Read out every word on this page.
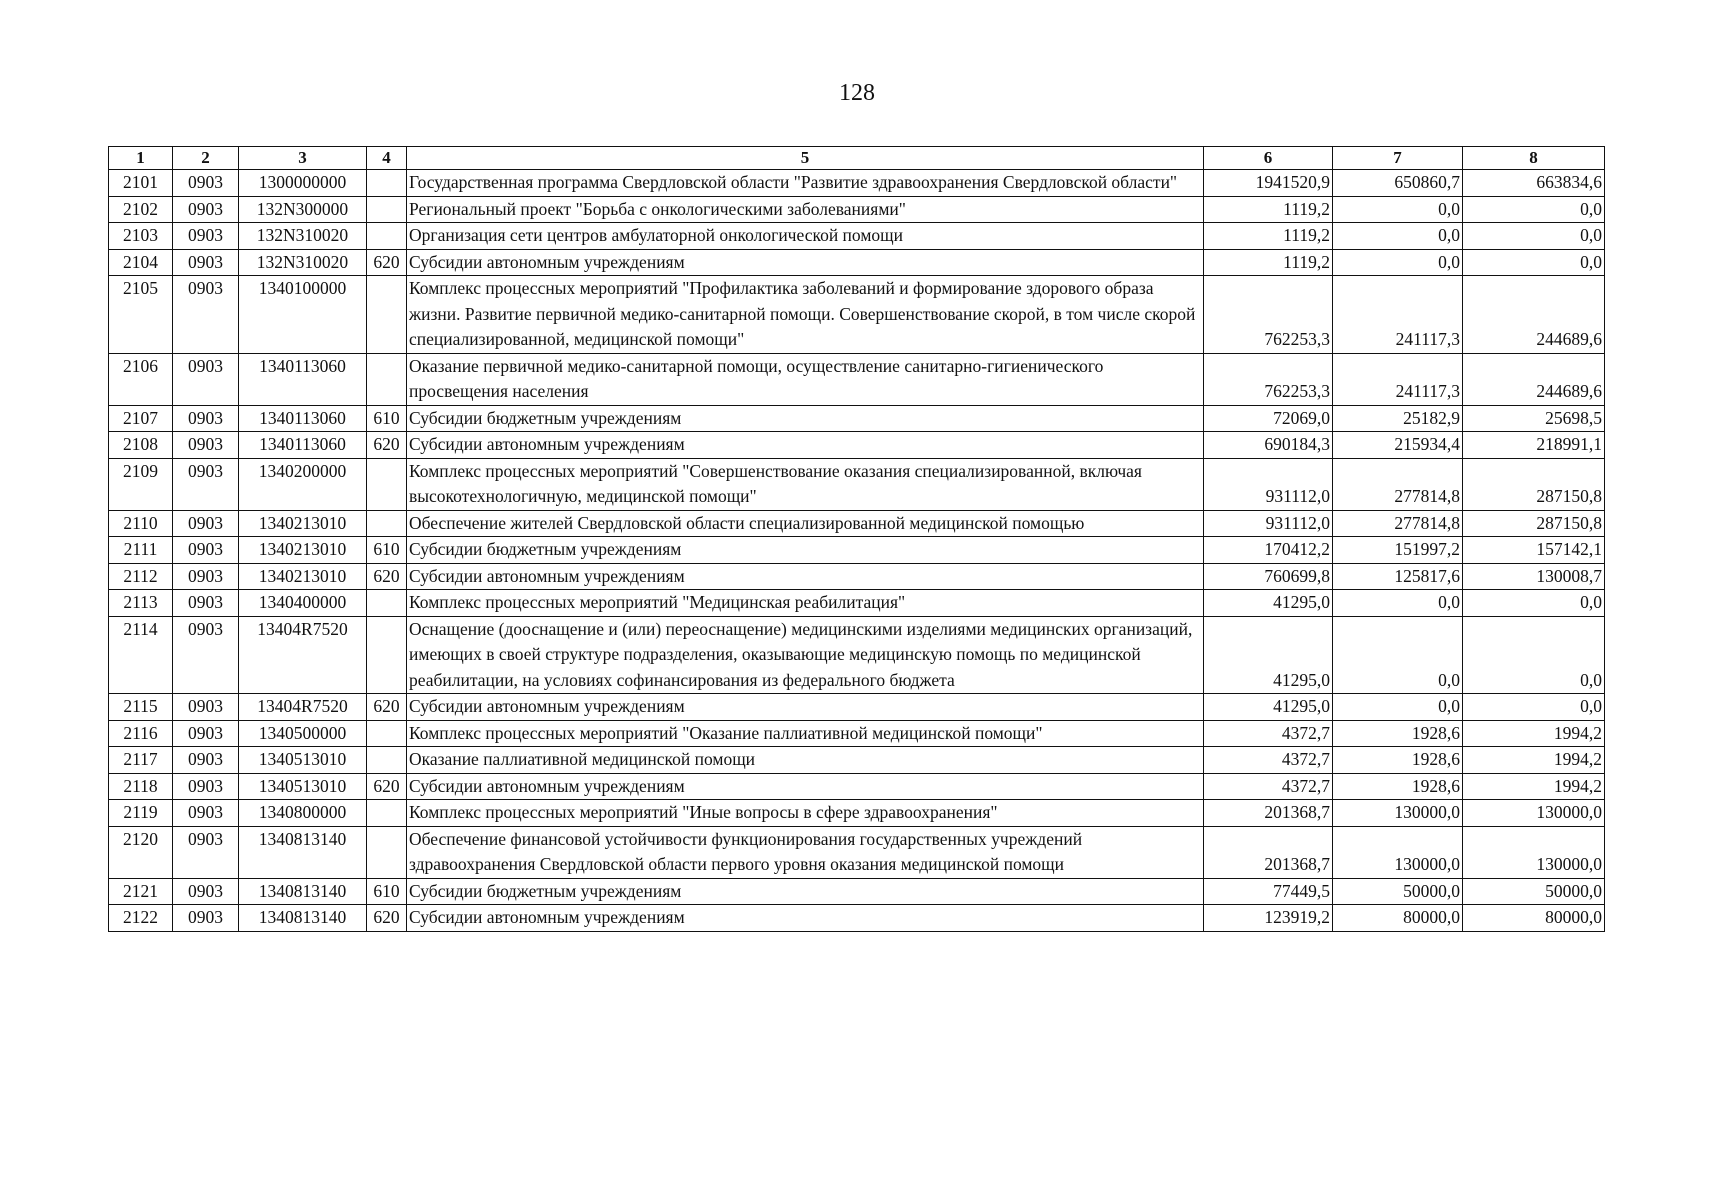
128
1	2	3	4	5	6	7	8
2101	0903	1300000000		Государственная программа Свердловской области "Развитие здравоохранения Свердловской области"	1941520,9	650860,7	663834,6
2102	0903	132N300000		Региональный проект "Борьба с онкологическими заболеваниями"	1119,2	0,0	0,0
2103	0903	132N310020		Организация сети центров амбулаторной онкологической помощи	1119,2	0,0	0,0
2104	0903	132N310020	620	Субсидии автономным учреждениям	1119,2	0,0	0,0
2105	0903	1340100000		Комплекс процессных мероприятий "Профилактика заболеваний и формирование здорового образа жизни. Развитие первичной медико-санитарной помощи. Совершенствование скорой, в том числе скорой специализированной, медицинской помощи"	762253,3	241117,3	244689,6
2106	0903	1340113060		Оказание первичной медико-санитарной помощи, осуществление санитарно-гигиенического просвещения населения	762253,3	241117,3	244689,6
2107	0903	1340113060	610	Субсидии бюджетным учреждениям	72069,0	25182,9	25698,5
2108	0903	1340113060	620	Субсидии автономным учреждениям	690184,3	215934,4	218991,1
2109	0903	1340200000		Комплекс процессных мероприятий "Совершенствование оказания специализированной, включая высокотехнологичную, медицинской помощи"	931112,0	277814,8	287150,8
2110	0903	1340213010		Обеспечение жителей Свердловской области специализированной медицинской помощью	931112,0	277814,8	287150,8
2111	0903	1340213010	610	Субсидии бюджетным учреждениям	170412,2	151997,2	157142,1
2112	0903	1340213010	620	Субсидии автономным учреждениям	760699,8	125817,6	130008,7
2113	0903	1340400000		Комплекс процессных мероприятий "Медицинская реабилитация"	41295,0	0,0	0,0
2114	0903	13404R7520		Оснащение (дооснащение и (или) переоснащение) медицинскими изделиями медицинских организаций, имеющих в своей структуре подразделения, оказывающие медицинскую помощь по медицинской реабилитации, на условиях софинансирования из федерального бюджета	41295,0	0,0	0,0
2115	0903	13404R7520	620	Субсидии автономным учреждениям	41295,0	0,0	0,0
2116	0903	1340500000		Комплекс процессных мероприятий "Оказание паллиативной медицинской помощи"	4372,7	1928,6	1994,2
2117	0903	1340513010		Оказание паллиативной медицинской помощи	4372,7	1928,6	1994,2
2118	0903	1340513010	620	Субсидии автономным учреждениям	4372,7	1928,6	1994,2
2119	0903	1340800000		Комплекс процессных мероприятий "Иные вопросы в сфере здравоохранения"	201368,7	130000,0	130000,0
2120	0903	1340813140		Обеспечение финансовой устойчивости функционирования государственных учреждений здравоохранения Свердловской области первого уровня оказания медицинской помощи	201368,7	130000,0	130000,0
2121	0903	1340813140	610	Субсидии бюджетным учреждениям	77449,5	50000,0	50000,0
2122	0903	1340813140	620	Субсидии автономным учреждениям	123919,2	80000,0	80000,0
